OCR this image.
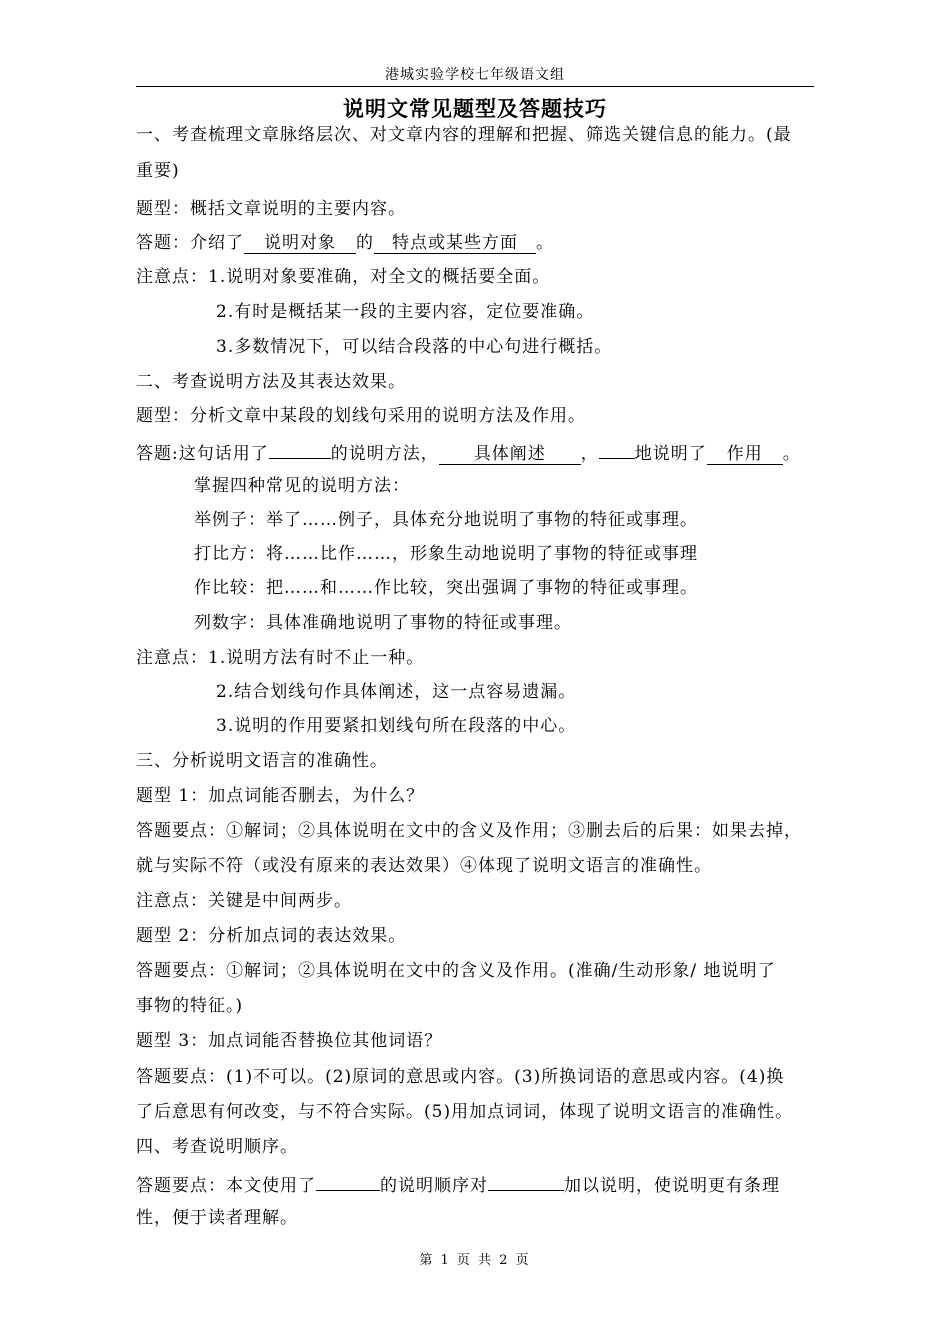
港城实验学校七年级语文组
说明文常见题型及答题技巧
一、考查梳理文章脉络层次、对文章内容的理解和把握、筛选关键信息的能力。(最
重要)
题型：概括文章说明的主要内容。
答题：介绍了 说明对象 的 特点或某些方面 。
注意点：1.说明对象要准确，对全文的概括要全面。
2.有时是概括某一段的主要内容，定位要准确。
3.多数情况下，可以结合段落的中心句进行概括。
二、考查说明方法及其表达效果。
题型：分析文章中某段的划线句采用的说明方法及作用。
答题:这句话用了	的说明方法， 具体阐述 ， 地说明了 作用 。
掌握四种常见的说明方法：
举例子：举了……例子，具体充分地说明了事物的特征或事理。
打比方：将……比作……，形象生动地说明了事物的特征或事理
作比较：把……和……作比较，突出强调了事物的特征或事理。
列数字：具体准确地说明了事物的特征或事理。
注意点：1.说明方法有时不止一种。
2.结合划线句作具体阐述，这一点容易遗漏。
3.说明的作用要紧扣划线句所在段落的中心。
三、分析说明文语言的准确性。
题型 1：加点词能否删去，为什么？
答题要点：①解词；②具体说明在文中的含义及作用；③删去后的后果：如果去掉，
就与实际不符（或没有原来的表达效果）④体现了说明文语言的准确性。
注意点：关键是中间两步。
题型 2：分析加点词的表达效果。
答题要点：①解词；②具体说明在文中的含义及作用。(准确/生动形象/ 地说明了
事物的特征。)
题型 3：加点词能否替换位其他词语？
答题要点：(1)不可以。(2)原词的意思或内容。(3)所换词语的意思或内容。(4)换
了后意思有何改变，与不符合实际。(5)用加点词词，体现了说明文语言的准确性。
四、考查说明顺序。
答题要点：本文使用了	的说明顺序对	加以说明，使说明更有条理
性，便于读者理解。
第 1 页 共 2 页
